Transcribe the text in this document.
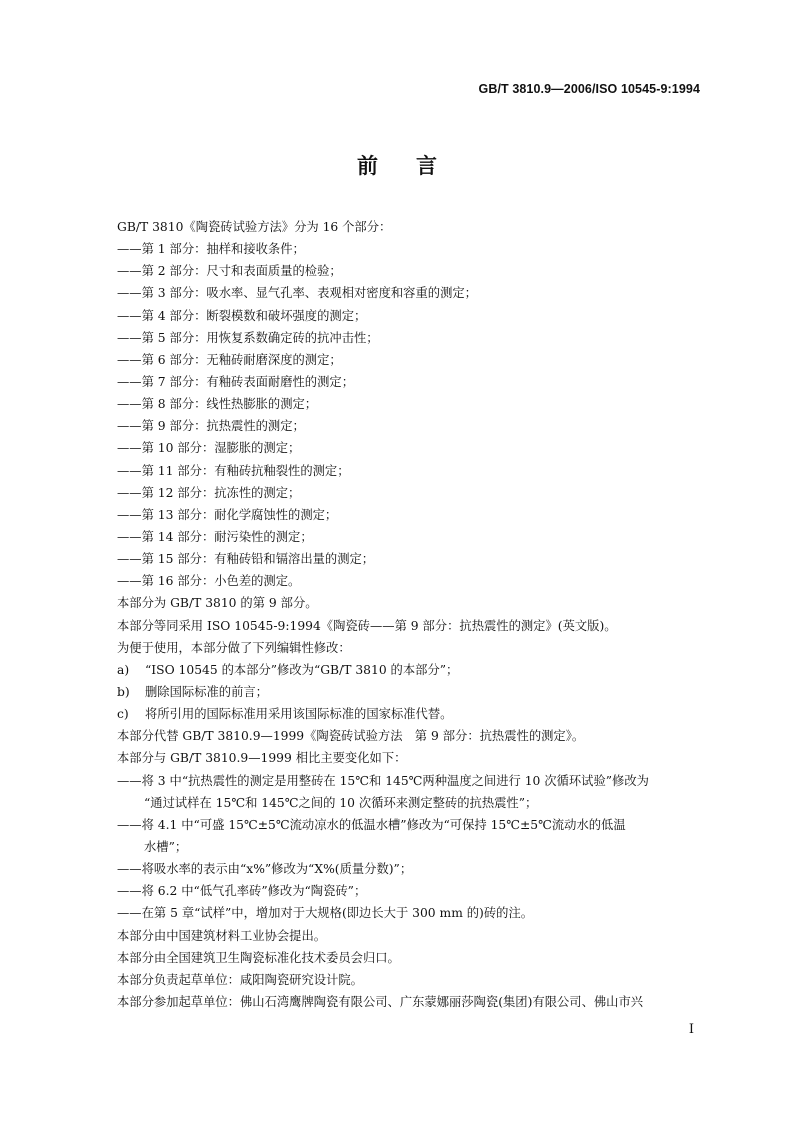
GB/T 3810.9—2006/ISO 10545-9:1994
前言
GB/T 3810《陶瓷砖试验方法》分为 16 个部分：
——第 1 部分：抽样和接收条件；
——第 2 部分：尺寸和表面质量的检验；
——第 3 部分：吸水率、显气孔率、表观相对密度和容重的测定；
——第 4 部分：断裂模数和破坏强度的测定；
——第 5 部分：用恢复系数确定砖的抗冲击性；
——第 6 部分：无釉砖耐磨深度的测定；
——第 7 部分：有釉砖表面耐磨性的测定；
——第 8 部分：线性热膨胀的测定；
——第 9 部分：抗热震性的测定；
——第 10 部分：湿膨胀的测定；
——第 11 部分：有釉砖抗釉裂性的测定；
——第 12 部分：抗冻性的测定；
——第 13 部分：耐化学腐蚀性的测定；
——第 14 部分：耐污染性的测定；
——第 15 部分：有釉砖铅和镉溶出量的测定；
——第 16 部分：小色差的测定。
本部分为 GB/T 3810 的第 9 部分。
本部分等同采用 ISO 10545-9:1994《陶瓷砖——第 9 部分：抗热震性的测定》(英文版)。
为便于使用，本部分做了下列编辑性修改：
a) “ISO 10545 的本部分”修改为“GB/T 3810 的本部分”；
b) 删除国际标准的前言；
c) 将所引用的国际标准用采用该国际标准的国家标准代替。
本部分代替 GB/T 3810.9—1999《陶瓷砖试验方法　第 9 部分：抗热震性的测定》。
本部分与 GB/T 3810.9—1999 相比主要变化如下：
——将 3 中“抗热震性的测定是用整砖在 15℃和 145℃两种温度之间进行 10 次循环试验”修改为
“通过试样在 15℃和 145℃之间的 10 次循环来测定整砖的抗热震性”；
——将 4.1 中“可盛 15℃±5℃流动凉水的低温水槽”修改为“可保持 15℃±5℃流动水的低温
水槽”；
——将吸水率的表示由“x%”修改为“X%(质量分数)”；
——将 6.2 中“低气孔率砖”修改为“陶瓷砖”；
——在第 5 章“试样”中，增加对于大规格(即边长大于 300 mm 的)砖的注。
本部分由中国建筑材料工业协会提出。
本部分由全国建筑卫生陶瓷标准化技术委员会归口。
本部分负责起草单位：咸阳陶瓷研究设计院。
本部分参加起草单位：佛山石湾鹰牌陶瓷有限公司、广东蒙娜丽莎陶瓷(集团)有限公司、佛山市兴
I
